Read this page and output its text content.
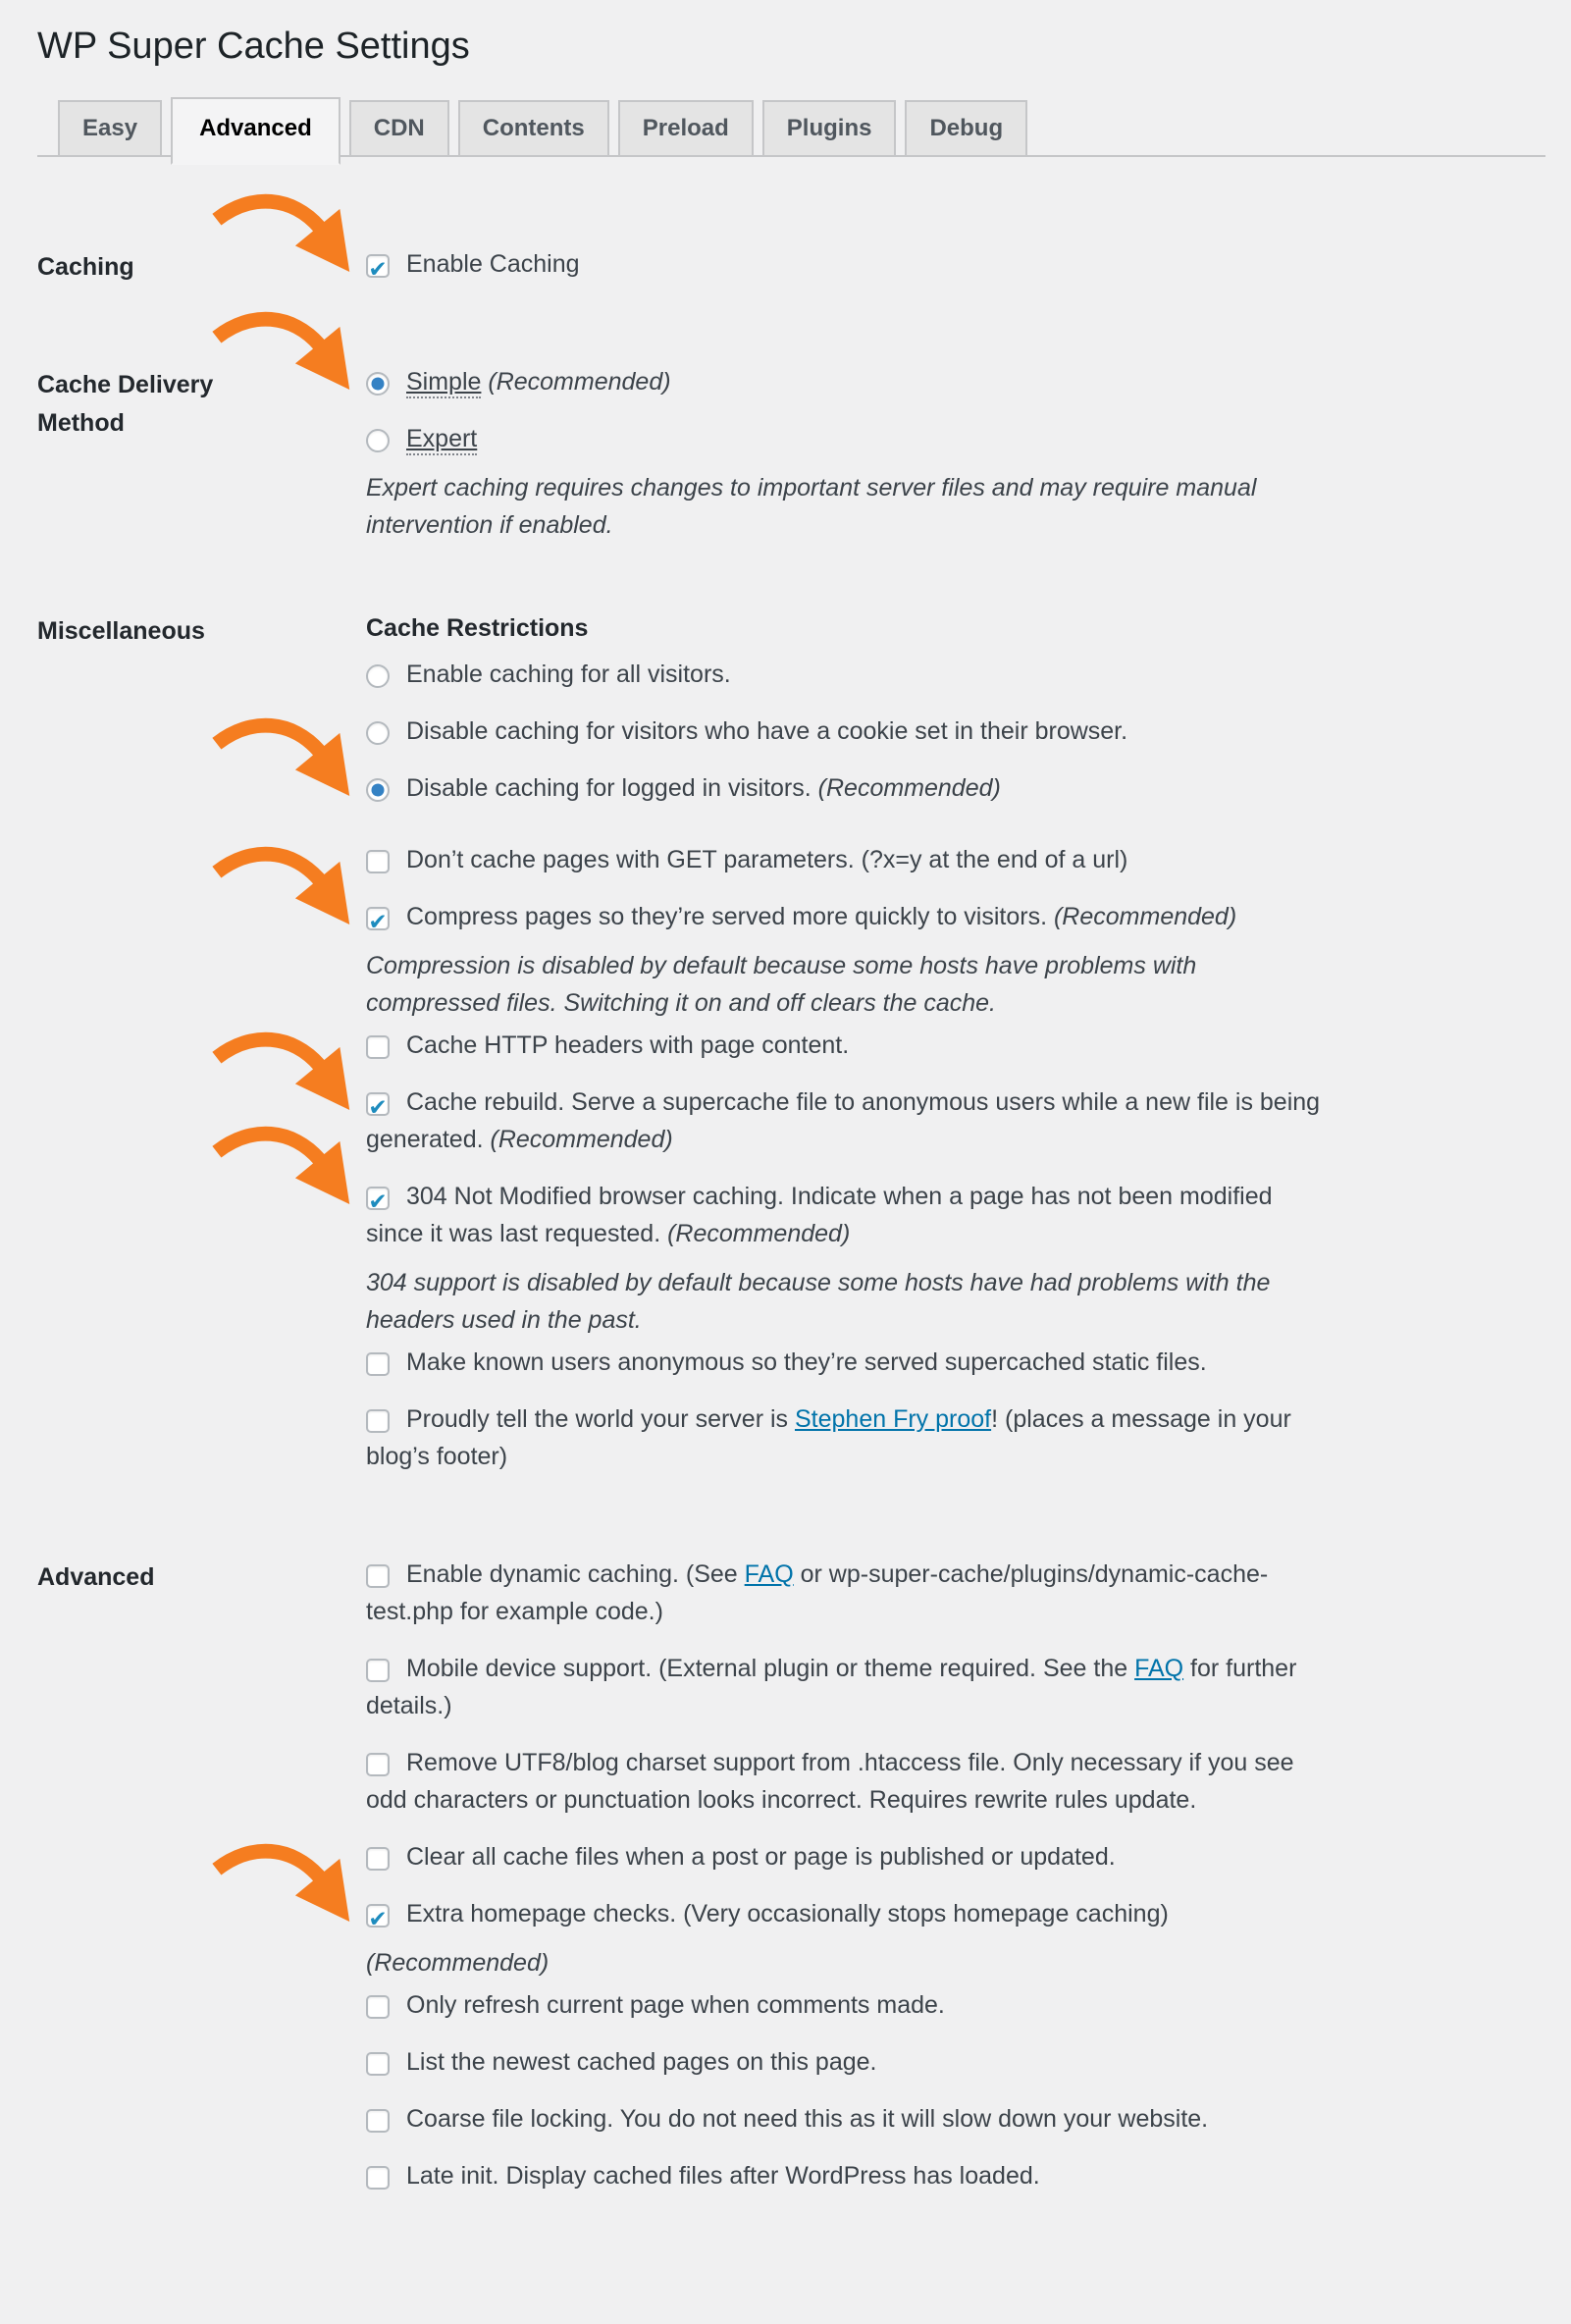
WP Super Cache Settings
Easy	Advanced	CDN	Contents	Preload	Plugins	Debug
Caching ✔	Enable Caching
Cache Delivery Method
Simple (Recommended)
Expert
Expert caching requires changes to important server files and may require manual
intervention if enabled.
Miscellaneous	Cache Restrictions
Enable caching for all visitors.
Disable caching for visitors who have a cookie set in their browser.
Disable caching for logged in visitors. (Recommended)
Don’t cache pages with GET parameters. (?x=y at the end of a url)
✔Compress pages so they’re served more quickly to visitors. (Recommended)
Compression is disabled by default because some hosts have problems with
compressed files. Switching it on and off clears the cache.
Cache HTTP headers with page content.
✔Cache rebuild. Serve a supercache file to anonymous users while a new file is being
generated. (Recommended)
✔304 Not Modified browser caching. Indicate when a page has not been modified
since it was last requested. (Recommended)
304 support is disabled by default because some hosts have had problems with the
headers used in the past.
Make known users anonymous so they’re served supercached static files.
Proudly tell the world your server is Stephen Fry proof! (places a message in your
blog’s footer)
Advanced	Enable dynamic caching. (See FAQ or wp-super-cache/plugins/dynamic-cache-
test.php for example code.)
Mobile device support. (External plugin or theme required. See the FAQ for further
details.)
Remove UTF8/blog charset support from .htaccess file. Only necessary if you see
odd characters or punctuation looks incorrect. Requires rewrite rules update.
Clear all cache files when a post or page is published or updated.
✔Extra homepage checks. (Very occasionally stops homepage caching)
(Recommended)
Only refresh current page when comments made.
List the newest cached pages on this page.
Coarse file locking. You do not need this as it will slow down your website.
Late init. Display cached files after WordPress has loaded.
